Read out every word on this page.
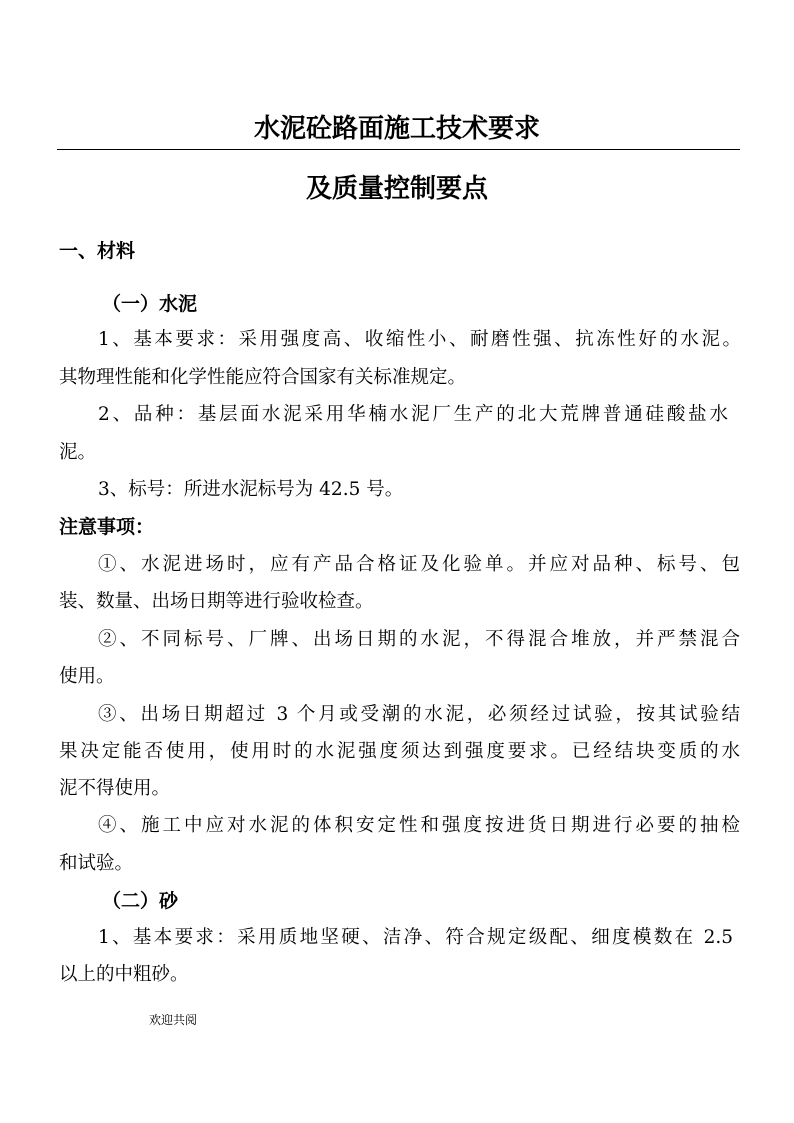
水泥砼路面施工技术要求
及质量控制要点
一、材料
（一）水泥
1、基本要求：采用强度高、收缩性小、耐磨性强、抗冻性好的水泥。
其物理性能和化学性能应符合国家有关标准规定。
2、品种：基层面水泥采用华楠水泥厂生产的北大荒牌普通硅酸盐水
泥。
3、标号：所进水泥标号为 42.5 号。
注意事项：
①、水泥进场时，应有产品合格证及化验单。并应对品种、标号、包
装、数量、出场日期等进行验收检查。
②、不同标号、厂牌、出场日期的水泥，不得混合堆放，并严禁混合
使用。
③、出场日期超过 3 个月或受潮的水泥，必须经过试验，按其试验结
果决定能否使用，使用时的水泥强度须达到强度要求。已经结块变质的水
泥不得使用。
④、施工中应对水泥的体积安定性和强度按进货日期进行必要的抽检
和试验。
（二）砂
1、基本要求：采用质地坚硬、洁净、符合规定级配、细度模数在 2.5
以上的中粗砂。
欢迎共阅
